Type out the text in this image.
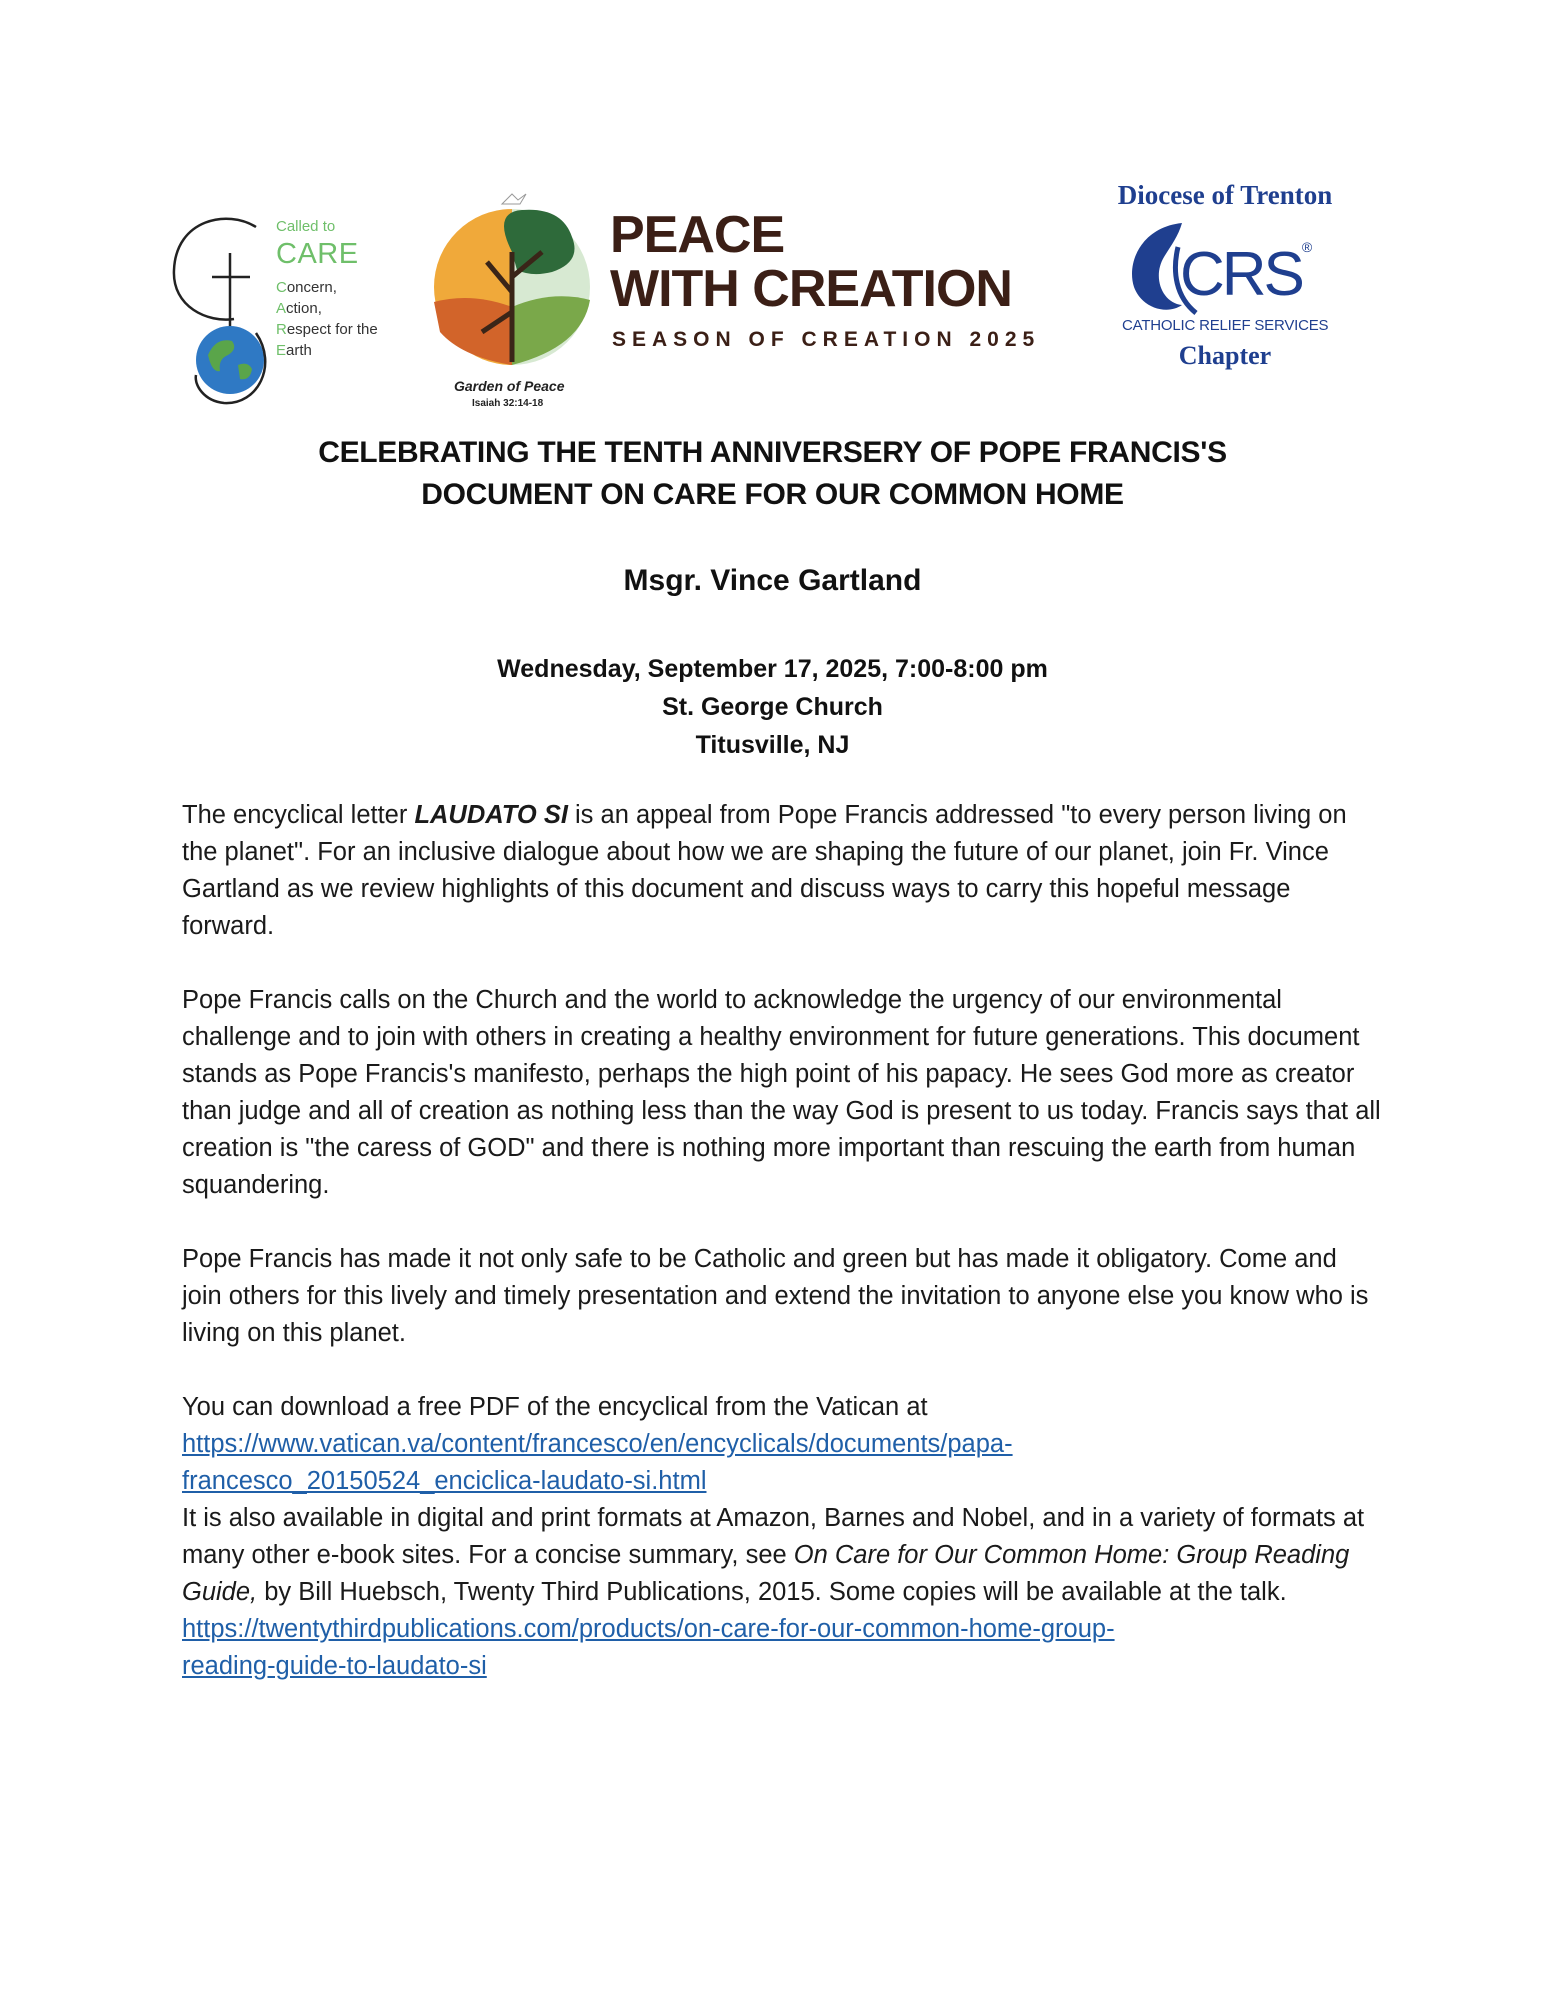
Called to
CARE
Concern,
Action,
Respect for the
Earth
PEACE
WITH CREATION
SEASON OF CREATION 2025
Garden of Peace
Isaiah 32:14-18
Diocese of Trenton
CRS®
CATHOLIC RELIEF SERVICES
Chapter
CELEBRATING THE TENTH ANNIVERSERY OF POPE FRANCIS'S
DOCUMENT ON CARE FOR OUR COMMON HOME
Msgr. Vince Gartland
Wednesday, September 17, 2025, 7:00-8:00 pm
St. George Church
Titusville, NJ

The encyclical letter LAUDATO SI is an appeal from Pope Francis addressed "to every person living on the planet". For an inclusive dialogue about how we are shaping the future of our planet, join Fr. Vince Gartland as we review highlights of this document and discuss ways to carry this hopeful message forward.

Pope Francis calls on the Church and the world to acknowledge the urgency of our environmental challenge and to join with others in creating a healthy environment for future generations. This document stands as Pope Francis's manifesto, perhaps the high point of his papacy. He sees God more as creator than judge and all of creation as nothing less than the way God is present to us today. Francis says that all creation is "the caress of GOD" and there is nothing more important than rescuing the earth from human squandering.

Pope Francis has made it not only safe to be Catholic and green but has made it obligatory. Come and join others for this lively and timely presentation and extend the invitation to anyone else you know who is living on this planet.

You can download a free PDF of the encyclical from the Vatican at
https://www.vatican.va/content/francesco/en/encyclicals/documents/papa-
francesco_20150524_enciclica-laudato-si.html
It is also available in digital and print formats at Amazon, Barnes and Nobel, and in a variety of formats at many other e-book sites. For a concise summary, see On Care for Our Common Home: Group Reading Guide, by Bill Huebsch, Twenty Third Publications, 2015. Some copies will be available at the talk.
https://twentythirdpublications.com/products/on-care-for-our-common-home-group-
reading-guide-to-laudato-si
